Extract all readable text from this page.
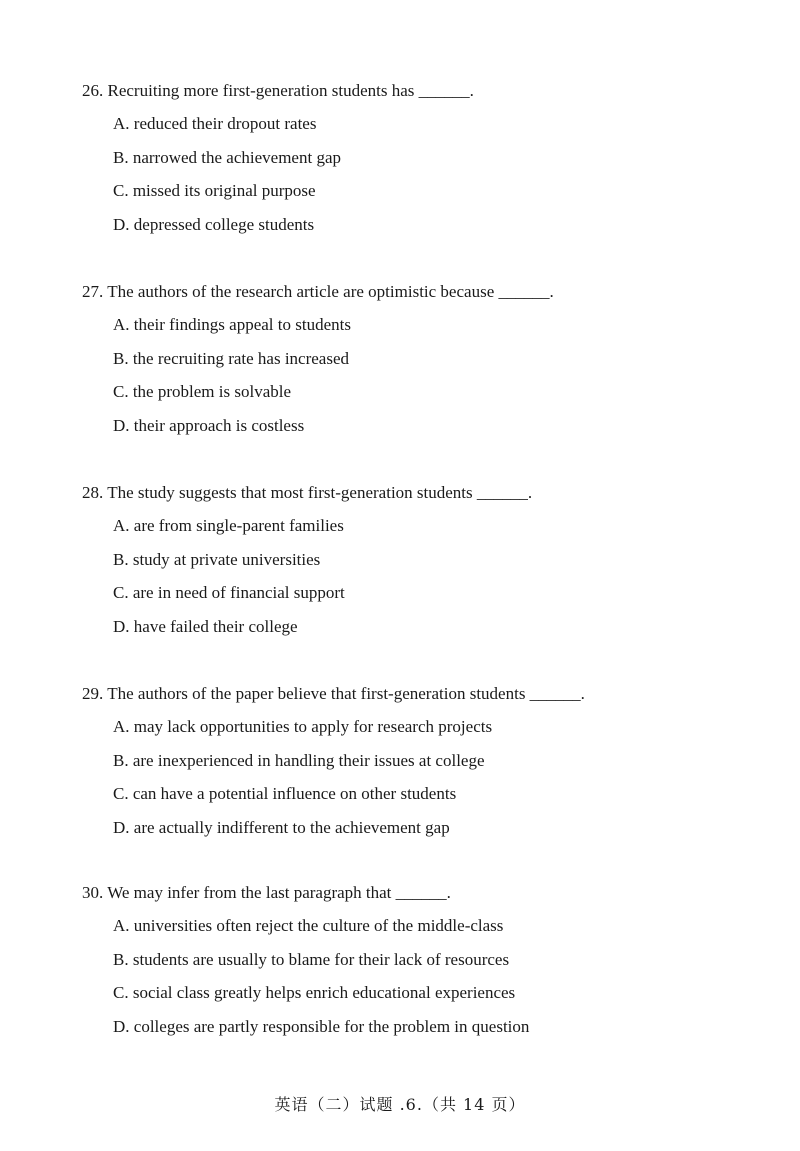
26. Recruiting more first-generation students has ______.
A. reduced their dropout rates
B. narrowed the achievement gap
C. missed its original purpose
D. depressed college students
27. The authors of the research article are optimistic because ______.
A. their findings appeal to students
B. the recruiting rate has increased
C. the problem is solvable
D. their approach is costless
28. The study suggests that most first-generation students ______.
A. are from single-parent families
B. study at private universities
C. are in need of financial support
D. have failed their college
29. The authors of the paper believe that first-generation students ______.
A. may lack opportunities to apply for research projects
B. are inexperienced in handling their issues at college
C. can have a potential influence on other students
D. are actually indifferent to the achievement gap
30. We may infer from the last paragraph that ______.
A. universities often reject the culture of the middle-class
B. students are usually to blame for their lack of resources
C. social class greatly helps enrich educational experiences
D. colleges are partly responsible for the problem in question
英语（二）试题 .6.（共 14 页）
